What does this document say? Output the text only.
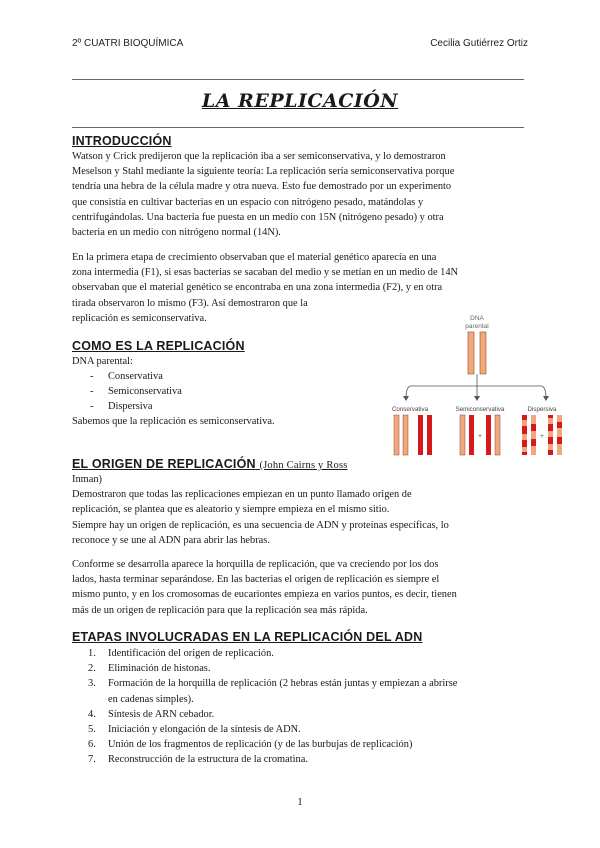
2º CUATRI BIOQUÍMICA	Cecilia Gutiérrez Ortiz
LA REPLICACIÓN
INTRODUCCIÓN
Watson y Crick predijeron que la replicación iba a ser semiconservativa, y lo demostraron
Meselson y Stahl mediante la siguiente teoría: La replicación sería semiconservativa porque
tendría una hebra de la célula madre y otra nueva. Esto fue demostrado por un experimento
que consistía en cultivar bacterias en un espacio con nitrógeno pesado, matándolas y
centrifugándolas. Una bacteria fue puesta en un medio con 15N (nitrógeno pesado) y otra
bacteria en un medio con nitrógeno normal (14N).
En la primera etapa de crecimiento observaban que el material genético aparecía en una
zona intermedia (F1), si esas bacterias se sacaban del medio y se metían en un medio de 14N
observaban que el material genético se encontraba en una zona intermedia (F2), y en otra
tirada observaron lo mismo (F3). Así demostraron que la
replicación es semiconservativa.
COMO ES LA REPLICACIÓN
DNA parental:
- Conservativa
- Semiconservativa
- Dispersiva
Sabemos que la replicación es semiconservativa.
DNA
parental
Conservativa	Semiconservativa	Dispersiva
+	+	+
EL ORIGEN DE REPLICACIÓN (John Cairns y Ross
Inman)
Demostraron que todas las replicaciones empiezan en un punto llamado origen de
replicación, se plantea que es aleatorio y siempre empieza en el mismo sitio.
Siempre hay un origen de replicación, es una secuencia de ADN y proteínas específicas, lo
reconoce y se une al ADN para abrir las hebras.
Conforme se desarrolla aparece la horquilla de replicación, que va creciendo por los dos
lados, hasta terminar separándose. En las bacterias el origen de replicación es siempre el
mismo punto, y en los cromosomas de eucariontes empieza en varios puntos, es decir, tienen
más de un origen de replicación para que la replicación sea más rápida.
ETAPAS INVOLUCRADAS EN LA REPLICACIÓN DEL ADN
1. Identificación del origen de replicación.
2. Eliminación de histonas.
3. Formación de la horquilla de replicación (2 hebras están juntas y empiezan a abrirse
en cadenas simples).
4. Síntesis de ARN cebador.
5. Iniciación y elongación de la síntesis de ADN.
6. Unión de los fragmentos de replicación (y de las burbujas de replicación)
7. Reconstrucción de la estructura de la cromatina.
1
